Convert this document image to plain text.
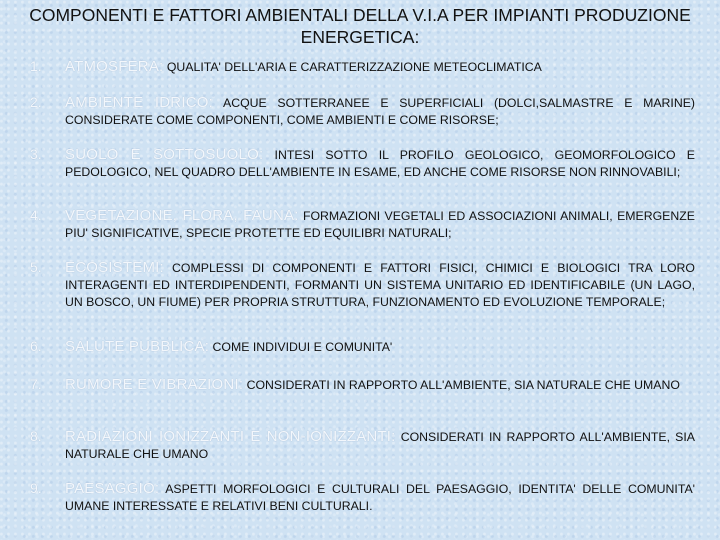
COMPONENTI E FATTORI AMBIENTALI DELLA V.I.A PER IMPIANTI PRODUZIONE ENERGETICA:
1. ATMOSFERA: QUALITA' DELL'ARIA E CARATTERIZZAZIONE METEOCLIMATICA
2. AMBIENTE IDRICO: ACQUE SOTTERRANEE E SUPERFICIALI (DOLCI,SALMASTRE E MARINE) CONSIDERATE COME COMPONENTI, COME AMBIENTI E COME RISORSE;
3. SUOLO E SOTTOSUOLO: INTESI SOTTO IL PROFILO GEOLOGICO, GEOMORFOLOGICO E PEDOLOGICO, NEL QUADRO DELL'AMBIENTE IN ESAME, ED ANCHE COME RISORSE NON RINNOVABILI;
4. VEGETAZIONE, FLORA, FAUNA: FORMAZIONI VEGETALI ED ASSOCIAZIONI ANIMALI, EMERGENZE PIU' SIGNIFICATIVE, SPECIE PROTETTE ED EQUILIBRI NATURALI;
5. ECOSISTEMI: COMPLESSI DI COMPONENTI E FATTORI FISICI, CHIMICI E BIOLOGICI TRA LORO INTERAGENTI ED INTERDIPENDENTI, FORMANTI UN SISTEMA UNITARIO ED IDENTIFICABILE (UN LAGO, UN BOSCO, UN FIUME) PER PROPRIA STRUTTURA, FUNZIONAMENTO ED EVOLUZIONE TEMPORALE;
6. SALUTE PUBBLICA: COME INDIVIDUI E COMUNITA'
7. RUMORE E VIBRAZIONI: CONSIDERATI IN RAPPORTO ALL'AMBIENTE, SIA NATURALE CHE UMANO
8. RADIAZIONI IONIZZANTI E NON-IONIZZANTI: CONSIDERATI IN RAPPORTO ALL'AMBIENTE, SIA NATURALE CHE UMANO
9. PAESAGGIO: ASPETTI MORFOLOGICI E CULTURALI DEL PAESAGGIO, IDENTITA' DELLE COMUNITA' UMANE INTERESSATE E RELATIVI BENI CULTURALI.
